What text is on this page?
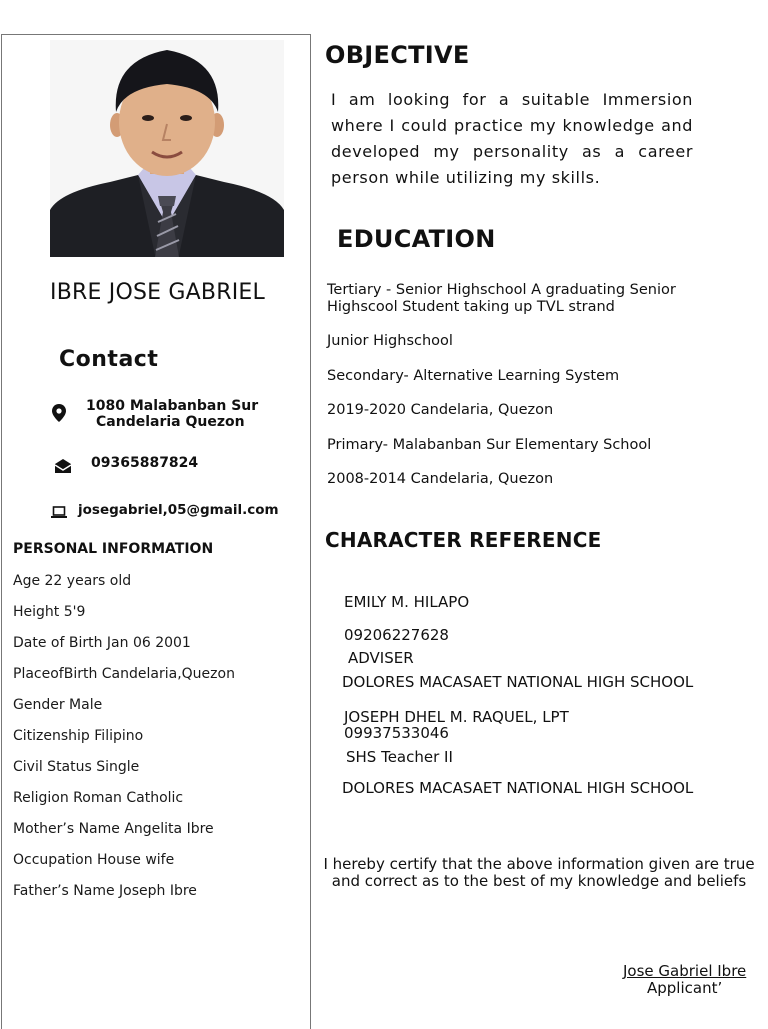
IBRE JOSE GABRIEL
Contact
1080 Malabanban Sur
Candelaria Quezon
09365887824
josegabriel,05@gmail.com
PERSONAL INFORMATION
Age 22 years old
Height 5'9
Date of Birth Jan 06 2001
PlaceofBirth Candelaria,Quezon
Gender Male
Citizenship Filipino
Civil Status Single
Religion Roman Catholic
Mother’s Name Angelita Ibre
Occupation House wife
Father’s Name Joseph Ibre
OBJECTIVE
I am looking for a suitable Immersion where I could practice my knowledge and developed my personality as a career person while utilizing my skills.
EDUCATION
Tertiary - Senior Highschool A graduating Senior Highscool Student taking up TVL strand
Junior Highschool
Secondary- Alternative Learning System
2019-2020 Candelaria, Quezon
Primary- Malabanban Sur Elementary School
2008-2014 Candelaria, Quezon
CHARACTER REFERENCE
EMILY M. HILAPO
09206227628
ADVISER
DOLORES MACASAET NATIONAL HIGH SCHOOL
JOSEPH DHEL M. RAQUEL, LPT
09937533046
SHS Teacher II
DOLORES MACASAET NATIONAL HIGH SCHOOL
I hereby certify that the above information given are true and correct as to the best of my knowledge and beliefs
Jose Gabriel Ibre
Applicant’
